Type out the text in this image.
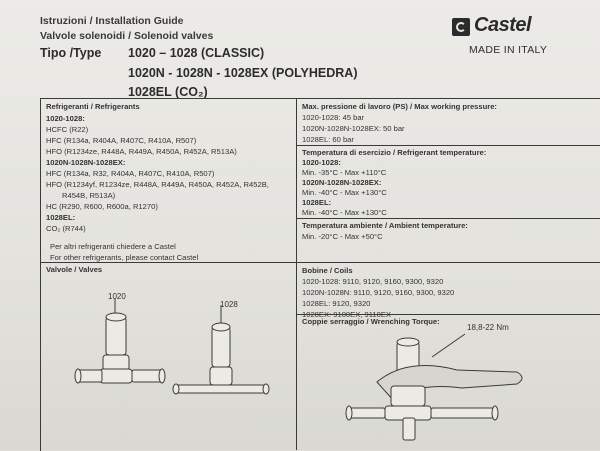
Istruzioni / Installation Guide
Valvole solenoidi / Solenoid valves
Tipo /Type 1020 – 1028 (CLASSIC)
1020N - 1028N - 1028EX (POLYHEDRA)
1028EL (CO₂)
Castel
MADE IN ITALY
Refrigeranti / Refrigerants
1020-1028:
HCFC (R22)
HFC (R134a, R404A, R407C, R410A, R507)
HFO (R1234ze, R448A, R449A, R450A, R452A, R513A)
1020N-1028N-1028EX:
HFC (R134a, R32, R404A, R407C, R410A, R507)
HFO (R1234yf, R1234ze, R448A, R449A, R450A, R452A, R452B,
R454B, R513A)
HC (R290, R600, R600a, R1270)
1028EL:
CO₂ (R744)
Per altri refrigeranti chiedere a Castel
For other refrigerants, please contact Castel
Max. pressione di lavoro (PS) / Max working pressure:
1020-1028: 45 bar
1020N-1028N-1028EX: 50 bar
1028EL: 60 bar
Temperatura di esercizio / Refrigerant temperature:
1020-1028:
Min. -35°C - Max +110°C
1020N-1028N-1028EX:
Min. -40°C - Max +130°C
1028EL:
Min. -40°C - Max +130°C
Temperatura ambiente / Ambient temperature:
Min. -20°C - Max +50°C
Valvole / Valves
1020
1028
Bobine / Coils
1020-1028: 9110, 9120, 9160, 9300, 9320
1020N-1028N: 9110, 9120, 9160, 9300, 9320
1028EL: 9120, 9320
1028EX: 9100EX, 9110EX
Coppie serraggio / Wrenching Torque:
18,8-22 Nm
